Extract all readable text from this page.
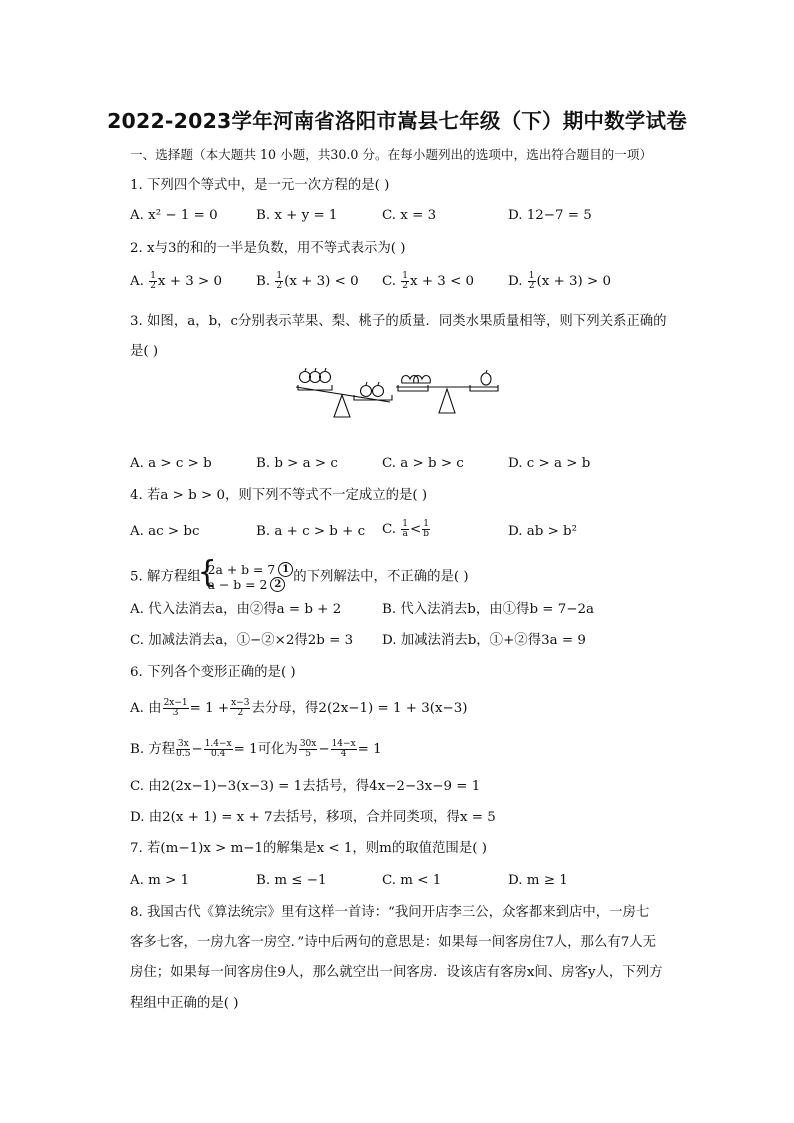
2022-2023学年河南省洛阳市嵩县七年级（下）期中数学试卷
一、选择题（本大题共 10 小题，共30.0 分。在每小题列出的选项中，选出符合题目的一项）
1. 下列四个等式中，是一元一次方程的是( )
A. x² − 1 = 0	B. x + y = 1	C. x = 3	D. 12−7 = 5
2. x与3的和的一半是负数，用不等式表示为( )
A. $\frac{1}{2}$ x + 3 > 0	B. $\frac{1}{2} (x + 3) < 0$ C. $\frac{1}{2}$ x + 3 < 0	D. $\frac{1}{2} (x + 3) > 0$
3. 如图，a，b，c分别表示苹果、梨、桃子的质量．同类水果质量相等，则下列关系正确的
是( )
A. a > c > b	B. b > a > c	C. a > b > c	D. c > a > b
4. 若a > b > 0，则下列不等式不一定成立的是( )
A. ac > bc	B. a + c > b + c C. $\frac{1}{a} < \frac{1}{b}$	D. ab > b²
5. 解方程组
{ 2a + b = 7 1
a − b = 2 2 的下列解法中，不正确的是( )
A. 代入法消去a，由②得a = b + 2	B. 代入法消去b，由①得b = 7−2a
C. 加减法消去a，①−②×2得2b = 3 D. 加减法消去b，①+②得3a = 9
6. 下列各个变形正确的是( )
A. 由 $\frac{2x-1}{3} = 1 + \frac{x-3}{2}$ 去分母，得2(2x−1) = 1 + 3(x−3)
B. 方程 $\frac{3x}{0.5} - \frac{1.4-x}{0.4} = 1$可化为 $\frac{30x}{5} - \frac{14-x}{4} = 1$
C. 由2(2x−1)−3(x−3) = 1去括号，得4x−2−3x−9 = 1
D. 由2(x + 1) = x + 7去括号，移项，合并同类项，得x = 5
7. 若(m−1)x > m−1的解集是x < 1，则m的取值范围是( )
A. m > 1	B. m ≤ −1	C. m < 1	D. m ≥ 1
8. 我国古代《算法统宗》里有这样一首诗：“我问开店李三公，众客都来到店中，一房七
客多七客，一房九客一房空．”诗中后两句的意思是：如果每一间客房住7人，那么有7人无
房住；如果每一间客房住9人，那么就空出一间客房．设该店有客房x间、房客y人，下列方
程组中正确的是( )
